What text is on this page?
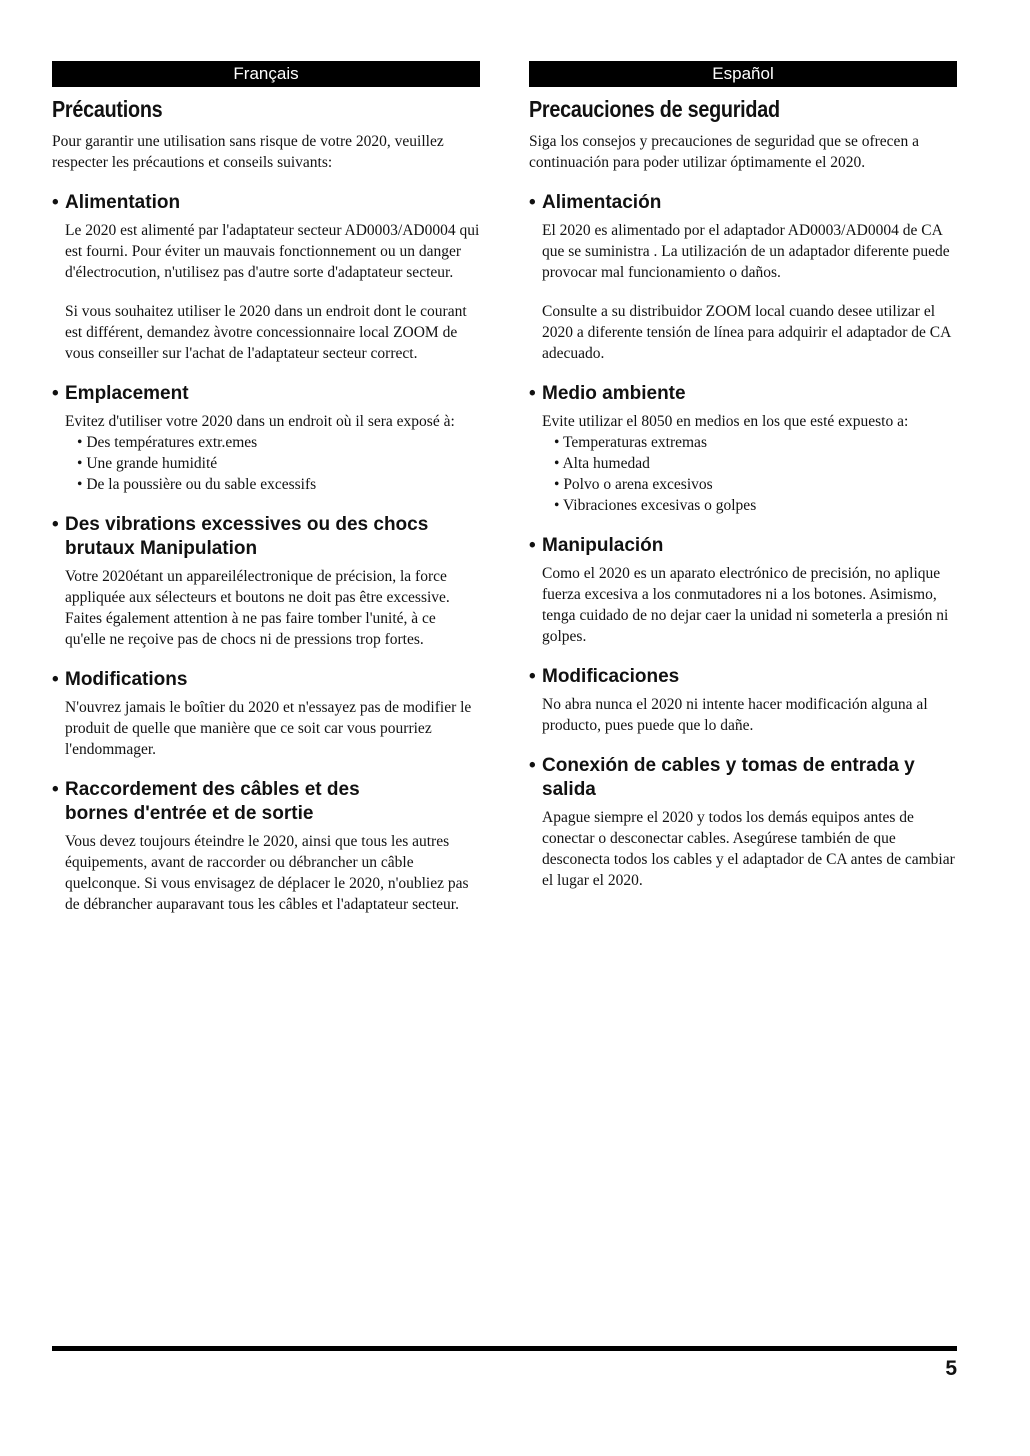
Français
Précautions

Pour garantir une utilisation sans risque de votre 2020, veuillez respecter les précautions et conseils suivants:

• Alimentation

Le 2020 est alimenté par l'adaptateur secteur AD0003/AD0004 qui est fourni. Pour éviter un mauvais fonctionnement ou un danger d'électrocution, n'utilisez pas d'autre sorte d'adaptateur secteur.

Si vous souhaitez utiliser le 2020 dans un endroit dont le courant est différent, demandez àvotre concessionnaire local ZOOM de vous conseiller sur l'achat de l'adaptateur secteur correct.

• Emplacement

Evitez d'utiliser votre 2020 dans un endroit où il sera exposé à:

• Des températures extr.emes
• Une grande humidité
• De la poussière ou du sable excessifs
• Des vibrations excessives ou des chocs brutaux Manipulation

Votre 2020étant un appareilélectronique de précision, la force appliquée aux sélecteurs et boutons ne doit pas être excessive. Faites également attention à ne pas faire tomber l'unité, à ce qu'elle ne reçoive pas de chocs ni de pressions trop fortes.

• Modifications

N'ouvrez jamais le boîtier du 2020 et n'essayez pas de modifier le produit de quelle que manière que ce soit car vous pourriez l'endommager.

• Raccordement des câbles et des bornes d'entrée et de sortie

Vous devez toujours éteindre le 2020, ainsi que tous les autres équipements, avant de raccorder ou débrancher un câble quelconque. Si vous envisagez de déplacer le 2020, n'oubliez pas de débrancher auparavant tous les câbles et l'adaptateur secteur.

Español
Precauciones de seguridad

Siga los consejos y precauciones de seguridad que se ofrecen a continuación para poder utilizar óptimamente el 2020.

• Alimentación

El 2020 es alimentado por el adaptador AD0003/AD0004 de CA que se suministra . La utilización de un adaptador diferente puede provocar mal funcionamiento o daños.

Consulte a su distribuidor ZOOM local cuando desee utilizar el 2020 a diferente tensión de línea para adquirir el adaptador de CA adecuado.

• Medio ambiente

Evite utilizar el 8050 en medios en los que esté expuesto a:

• Temperaturas extremas
• Alta humedad
• Polvo o arena excesivos
• Vibraciones excesivas o golpes
• Manipulación

Como el 2020 es un aparato electrónico de precisión, no aplique fuerza excesiva a los conmutadores ni a los botones. Asimismo, tenga cuidado de no dejar caer la unidad ni someterla a presión ni golpes.

• Modificaciones

No abra nunca el 2020 ni intente hacer modificación alguna al producto, pues puede que lo dañe.

• Conexión de cables y tomas de entrada y salida

Apague siempre el 2020 y todos los demás equipos antes de conectar o desconectar cables. Asegúrese también de que desconecta todos los cables y el adaptador de CA antes de cambiar el lugar el 2020.

5
